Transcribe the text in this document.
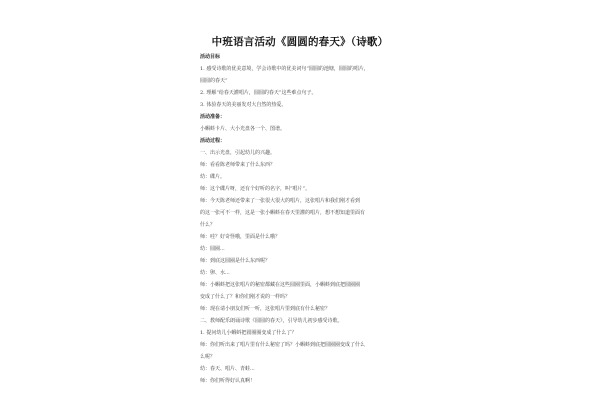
中班语言活动《圆圆的春天》（诗歌）
活动目标
1. 感受诗歌的优美意境，学会诗歌中的优美词句“圆圆的池塘，圆圆的唱片，
圆圆的春天”
2. 理解“给春天灌唱片，圆圆的春天”这些难点句子。
3. 体验春天的美丽发对大自然的热爱。
活动准备：
小蝌蚪卡片、大小光盘各一个、图谱。
活动过程：
一、出示光盘，引起幼儿的兴趣。
师：看看陈老师带来了什么东西？
幼：碟片。
师：这个碟片呀，还有个好听的名字，叫“唱片”。
师：今天陈老师还带来了一张很大很大的唱片，这张唱片和我们刚才看到
的这一张可不一样，这是一张小蝌蚪在春天里灌的唱片，想不想知道里面有
什么？
师：哇？好奇怪哦，里面是什么哦？
幼：圆圈...
师：到底这圆圈是什么东西呢？
幼：卵、水...
师：小蝌蚪把这张唱片的秘密都藏在这些圆圈里面，小蝌蚪到底把圆圈圈
变成了什么了？和你们刚才说的一样吗？
师：现在请小朋友们听一听，这张唱片里到底有什么秘密？
二、教师配乐朗诵诗歌《圆圆的春天》，引导幼儿初步感受诗歌。
1. 提问幼儿小蝌蚪把圆圈圈变成了什么了？
师：你们听出来了唱片里有什么秘密了吗？小蝌蚪到底把圆圈圈变成了什么
么呢？
幼：春天、唱片、青蛙...
师：你们听得好认真啊！
